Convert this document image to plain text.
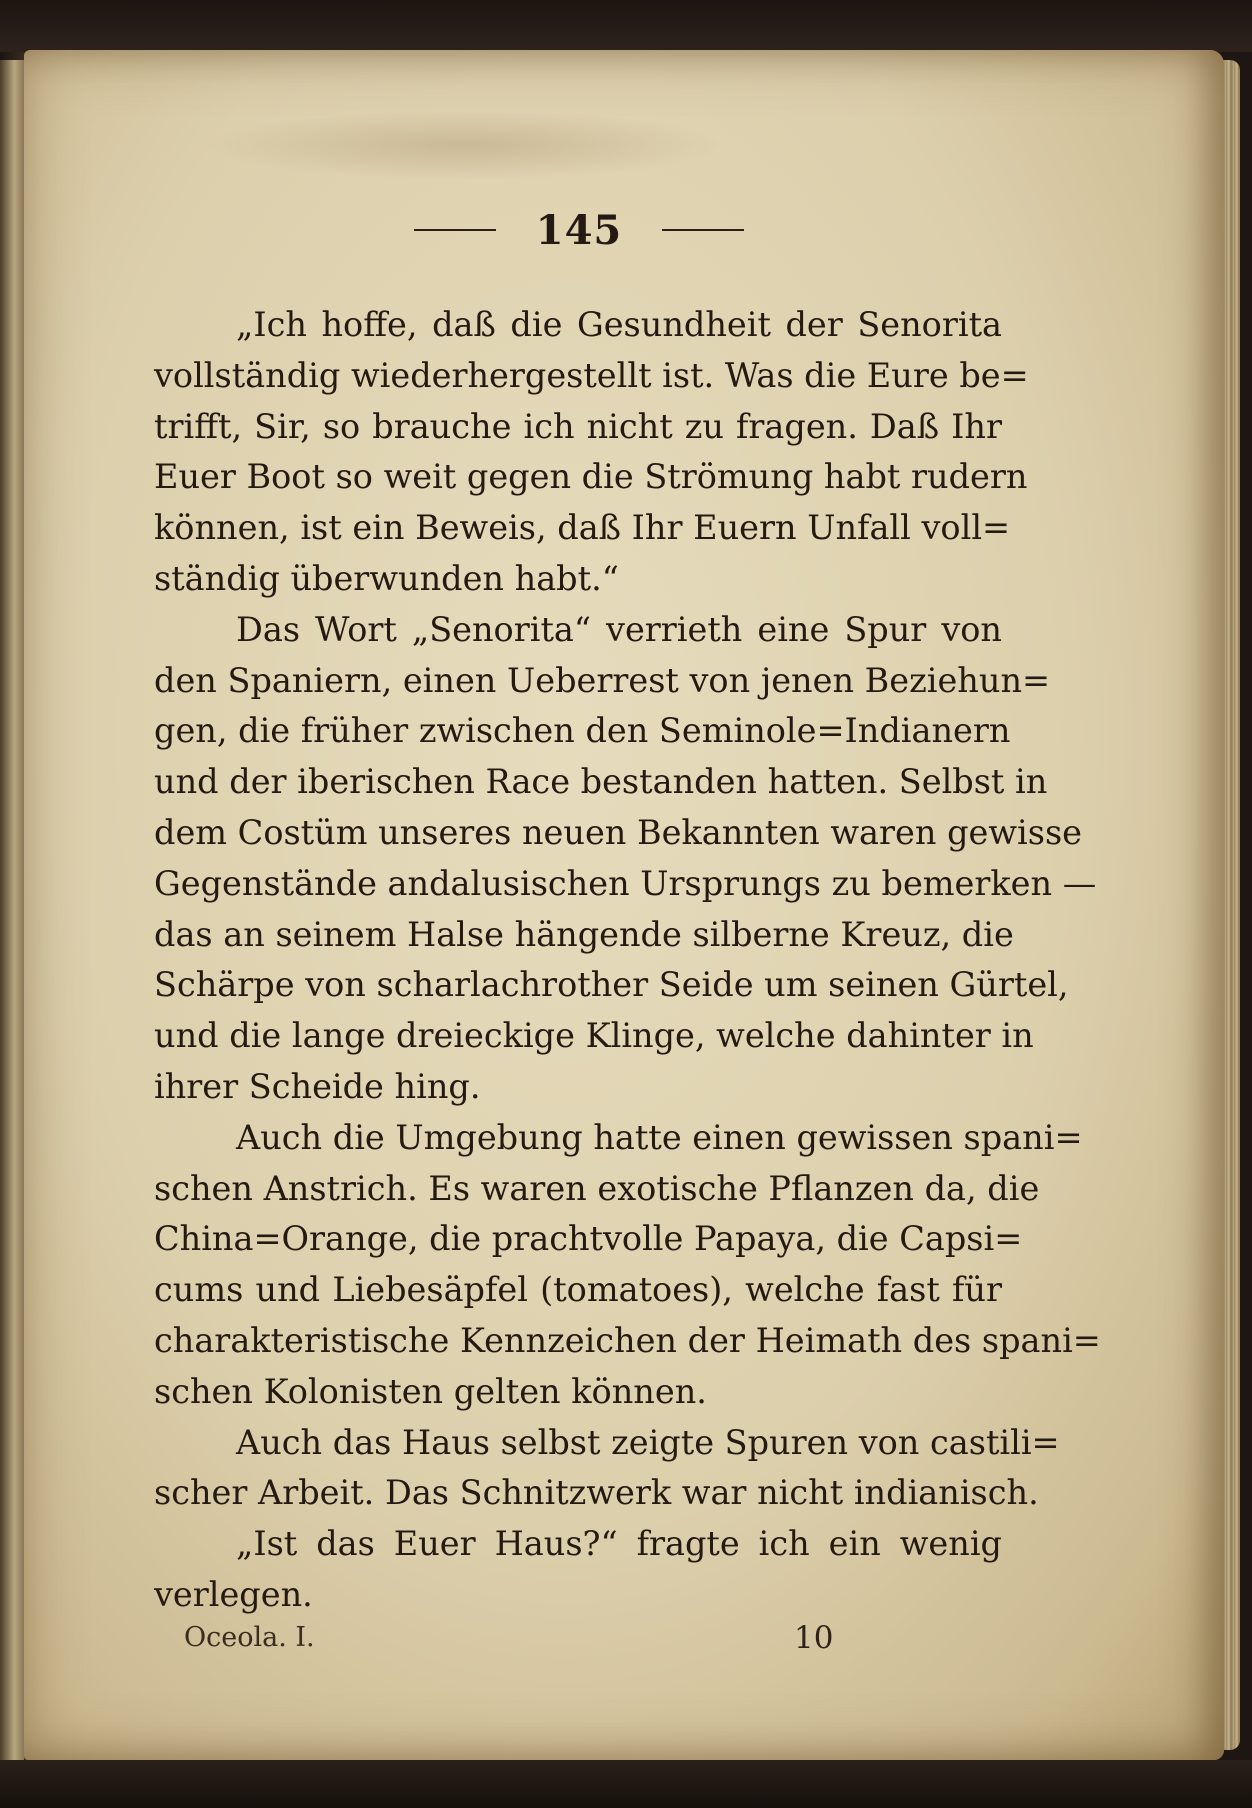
145
„Ich hoffe, daß die Gesundheit der Senorita
vollständig wiederhergestellt ist. Was die Eure be=
trifft, Sir, so brauche ich nicht zu fragen. Daß Ihr
Euer Boot so weit gegen die Strömung habt rudern
können, ist ein Beweis, daß Ihr Euern Unfall voll=
ständig überwunden habt.“
Das Wort „Senorita“ verrieth eine Spur von
den Spaniern, einen Ueberrest von jenen Beziehun=
gen, die früher zwischen den Seminole=Indianern
und der iberischen Race bestanden hatten. Selbst in
dem Costüm unseres neuen Bekannten waren gewisse
Gegenstände andalusischen Ursprungs zu bemerken —
das an seinem Halse hängende silberne Kreuz, die
Schärpe von scharlachrother Seide um seinen Gürtel,
und die lange dreieckige Klinge, welche dahinter in
ihrer Scheide hing.
Auch die Umgebung hatte einen gewissen spani=
schen Anstrich. Es waren exotische Pflanzen da, die
China=Orange, die prachtvolle Papaya, die Capsi=
cums und Liebesäpfel (tomatoes), welche fast für
charakteristische Kennzeichen der Heimath des spani=
schen Kolonisten gelten können.
Auch das Haus selbst zeigte Spuren von castili=
scher Arbeit. Das Schnitzwerk war nicht indianisch.
„Ist das Euer Haus?“ fragte ich ein wenig
verlegen.
Oceola. I.	10
